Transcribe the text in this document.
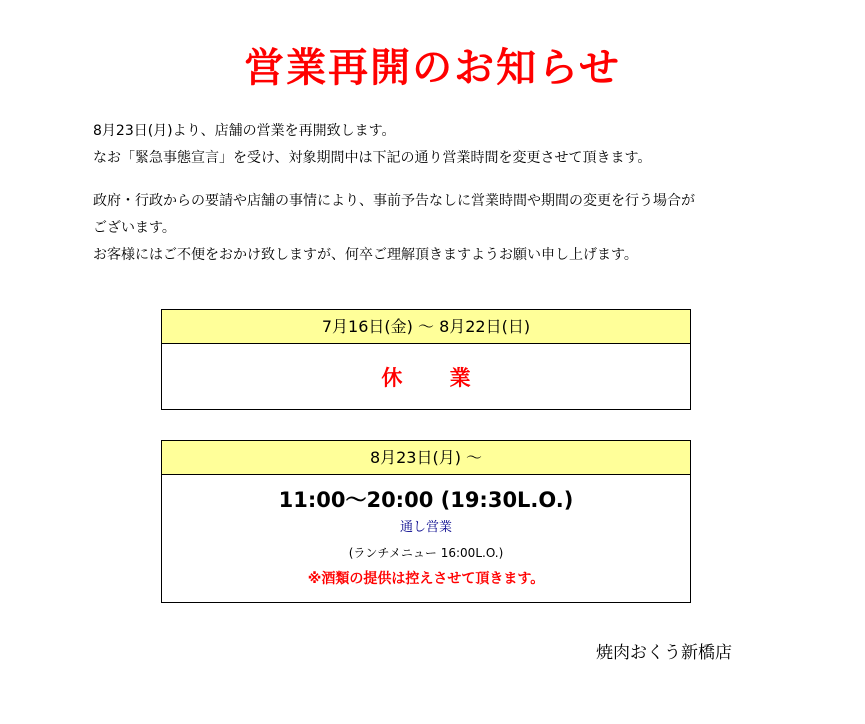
営業再開のお知らせ
8月23日(月)より、店舗の営業を再開致します。
なお「緊急事態宣言」を受け、対象期間中は下記の通り営業時間を変更させて頂きます。
政府・行政からの要請や店舗の事情により、事前予告なしに営業時間や期間の変更を行う場合が
ございます。
お客様にはご不便をおかけ致しますが、何卒ご理解頂きますようお願い申し上げます。
7月16日(金) ～ 8月22日(日)
休 業
8月23日(月) ～
11:00～20:00 (19:30L.O.)
通し営業
(ランチメニュー 16:00L.O.)
※酒類の提供は控えさせて頂きます。
焼肉おくう新橋店
